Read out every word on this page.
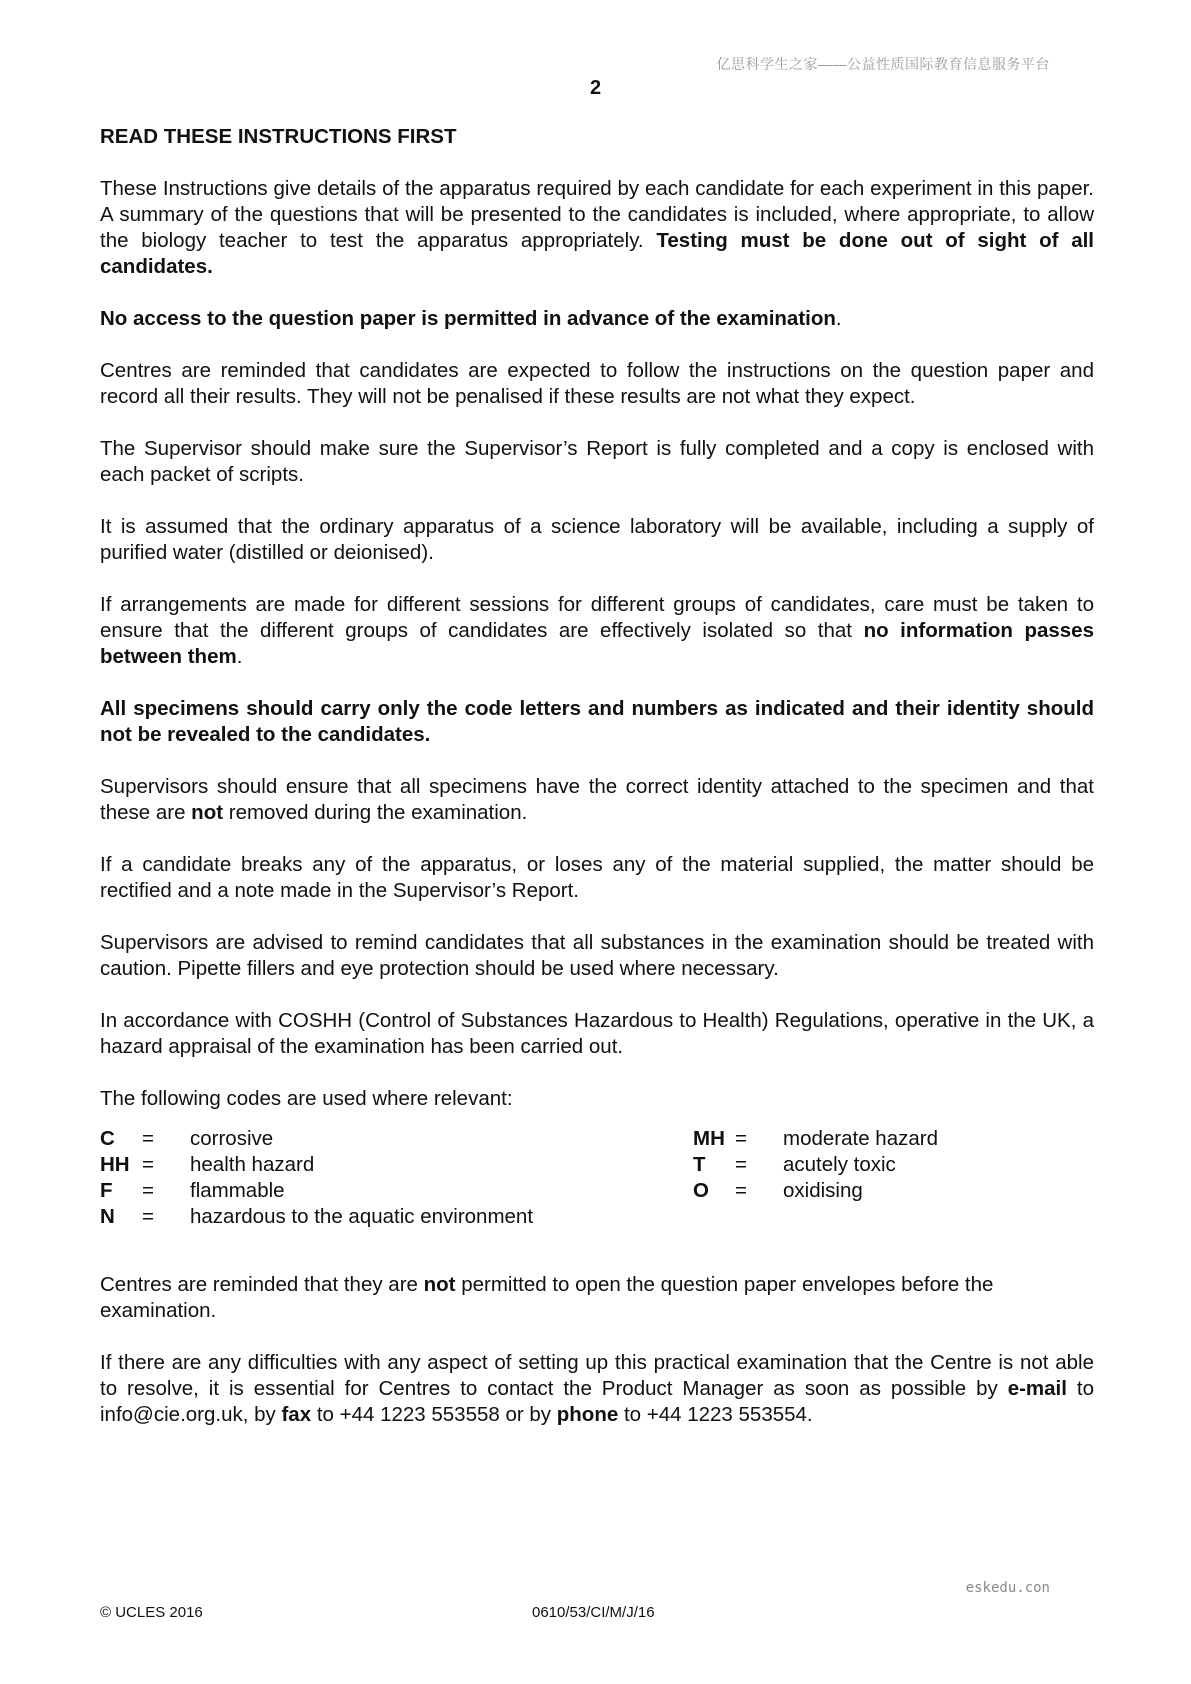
亿思科学生之家——公益性质国际教育信息服务平台
2
READ THESE INSTRUCTIONS FIRST
These Instructions give details of the apparatus required by each candidate for each experiment in this paper. A summary of the questions that will be presented to the candidates is included, where appropriate, to allow the biology teacher to test the apparatus appropriately. Testing must be done out of sight of all candidates.
No access to the question paper is permitted in advance of the examination.
Centres are reminded that candidates are expected to follow the instructions on the question paper and record all their results. They will not be penalised if these results are not what they expect.
The Supervisor should make sure the Supervisor’s Report is fully completed and a copy is enclosed with each packet of scripts.
It is assumed that the ordinary apparatus of a science laboratory will be available, including a supply of purified water (distilled or deionised).
If arrangements are made for different sessions for different groups of candidates, care must be taken to ensure that the different groups of candidates are effectively isolated so that no information passes between them.
All specimens should carry only the code letters and numbers as indicated and their identity should not be revealed to the candidates.
Supervisors should ensure that all specimens have the correct identity attached to the specimen and that these are not removed during the examination.
If a candidate breaks any of the apparatus, or loses any of the material supplied, the matter should be rectified and a note made in the Supervisor’s Report.
Supervisors are advised to remind candidates that all substances in the examination should be treated with caution. Pipette fillers and eye protection should be used where necessary.
In accordance with COSHH (Control of Substances Hazardous to Health) Regulations, operative in the UK, a hazard appraisal of the examination has been carried out.
The following codes are used where relevant:
C = corrosive
HH = health hazard
F = flammable
N = hazardous to the aquatic environment
MH = moderate hazard
T = acutely toxic
O = oxidising
Centres are reminded that they are not permitted to open the question paper envelopes before the examination.
If there are any difficulties with any aspect of setting up this practical examination that the Centre is not able to resolve, it is essential for Centres to contact the Product Manager as soon as possible by e-mail to info@cie.org.uk, by fax to +44 1223 553558 or by phone to +44 1223 553554.
eskedu.con
© UCLES 2016	0610/53/CI/M/J/16
